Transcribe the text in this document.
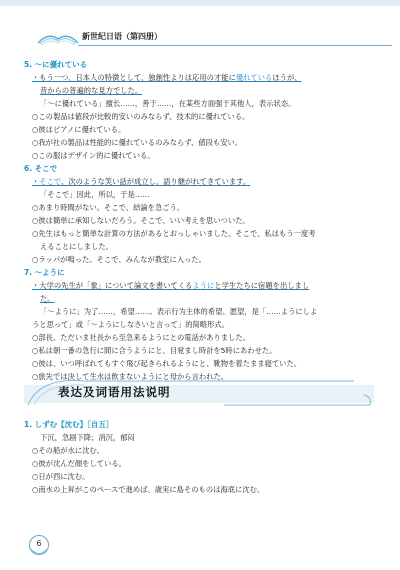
新世纪日语（第四册）

5. ～に優れている

・もう一つ、日本人の特徴として、独創性よりは応用の才能に優れているほうが、

昔からの普遍的な見方でした。

「～に優れている」擅长……，善于……，在某些方面强于其他人，表示状态。

○この製品は値段が比較的安いのみならず、技术的に優れている。

○彼はピアノに優れている。

○我が社の製品は性能的に優れているのみならず、値段も安い。

○この服はデザイン的に優れている。

6. そこで

・そこで、次のような笑い話が成立し、語り継がれてきています。

「そこで」因此，所以，于是……

○あまり時間がない。そこで、結論を急ごう。

○彼は簡単に承知しないだろう。そこで、いい考えを思いついた。

○先生はもっと簡単な計算の方法があるとおっしゃいました。そこで、私はもう一度考

えることにしました。

○ラッパが鳴った。そこで、みんなが教室に入った。

7. ～ように

・大学の先生が「象」について論文を書いてくるようにと学生たちに宿題を出しまし

た。

「～ように」为了……，希望……。表示行为主体的希望、愿望，是「……ようにしよ

うと思って」或「～ようにしなさいと言って」的简略形式。

○部長、ただいま社長から至急来るようにとの電話がありました。

○私は朝一番の急行に間に合うようにと、目覚まし時計を5時にあわせた。

○彼は、いつ呼ばれてもすぐ飛び起きられるようにと、靴物を着たまま寝ていた。

○旅先では決して生水は飲まないようにと母から言われた。

表达及词语用法说明

1. しずむ【沈む】［自五］

下沉，急剧下降；消沉，郁闷

○その船が水に沈む。

○彼が沈んだ顔をしている。

○日が西に沈む。

○南水の上昇がこのペースで進めば、歳実に島そのものは海底に沈む。

6
